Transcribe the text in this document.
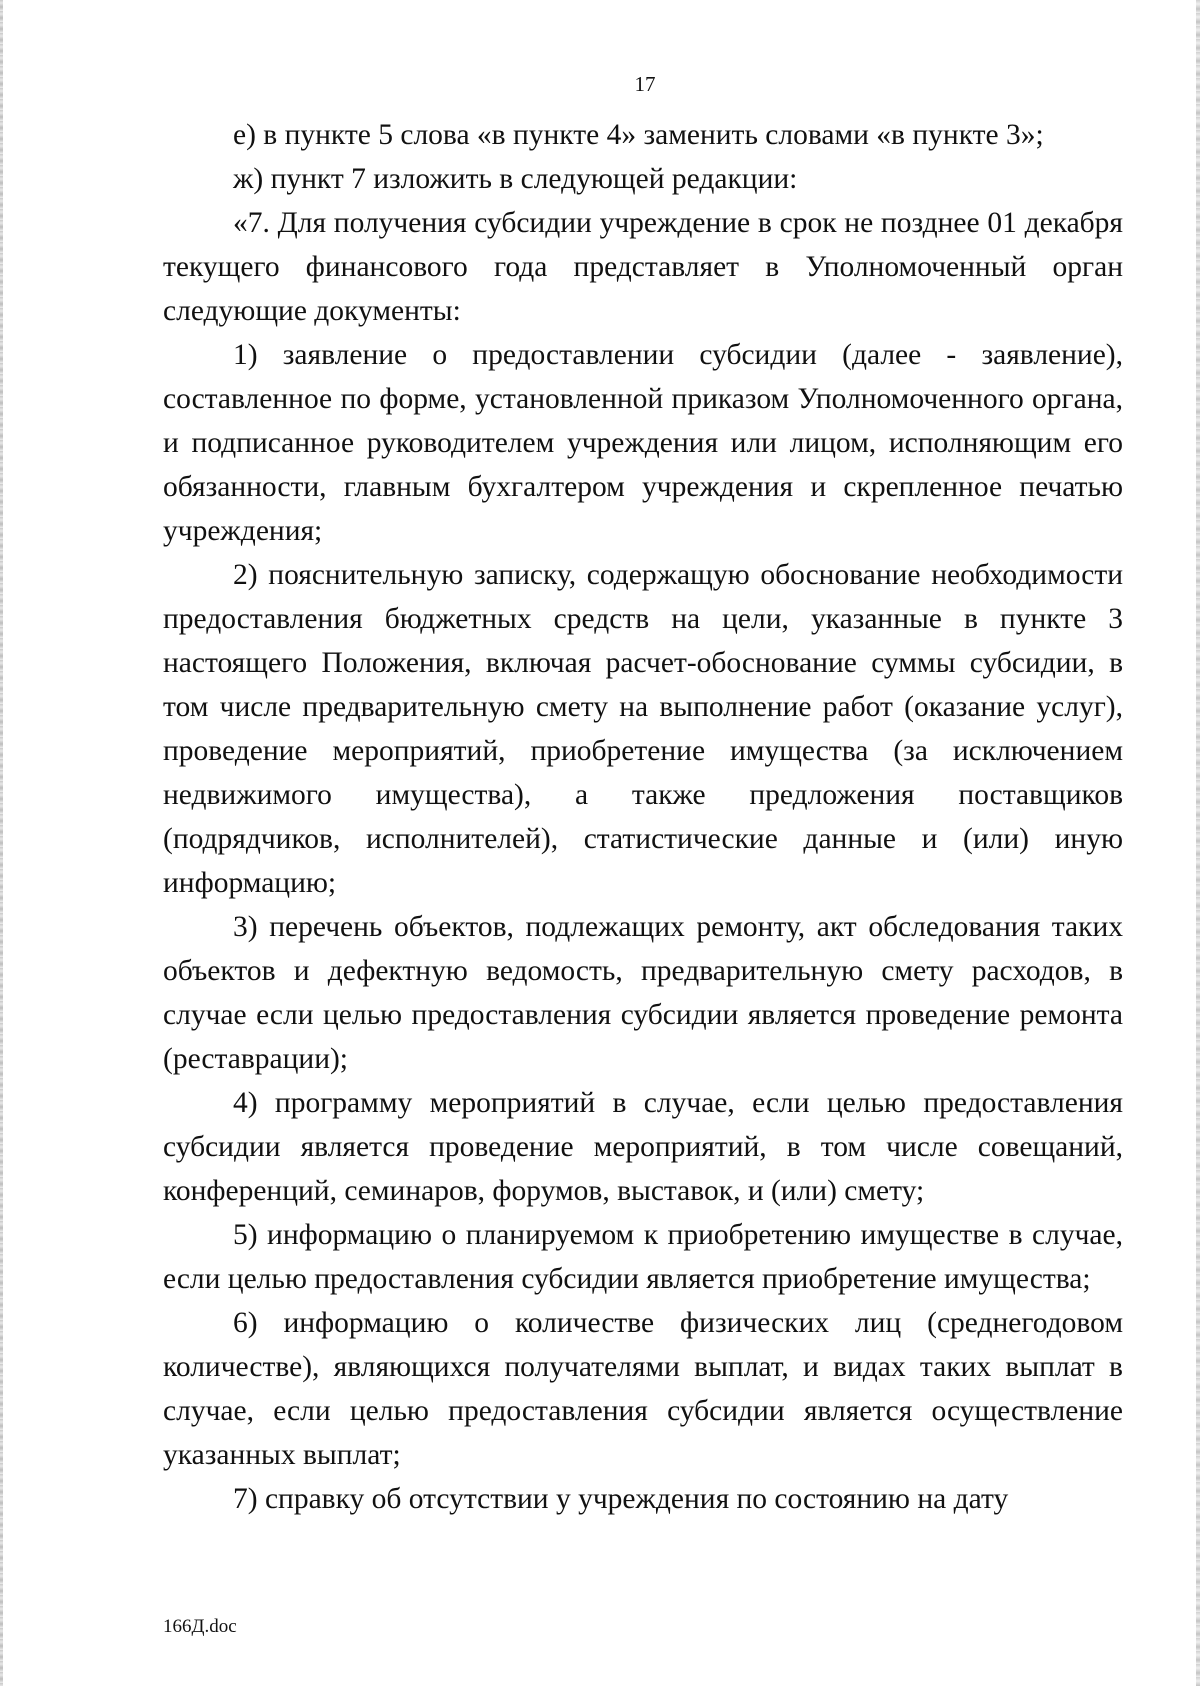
17

е) в пункте 5 слова «в пункте 4» заменить словами «в пункте 3»;

ж) пункт 7 изложить в следующей редакции:

«7. Для получения субсидии учреждение в срок не позднее 01 декабря текущего финансового года представляет в Уполномоченный орган следующие документы:

1) заявление о предоставлении субсидии (далее - заявление), составленное по форме, установленной приказом Уполномоченного органа, и подписанное руководителем учреждения или лицом, исполняющим его обязанности, главным бухгалтером учреждения и скрепленное печатью учреждения;

2) пояснительную записку, содержащую обоснование необходимости предоставления бюджетных средств на цели, указанные в пункте 3 настоящего Положения, включая расчет-обоснование суммы субсидии, в том числе предварительную смету на выполнение работ (оказание услуг), проведение мероприятий, приобретение имущества (за исключением недвижимого имущества), а также предложения поставщиков (подрядчиков, исполнителей), статистические данные и (или) иную информацию;

3) перечень объектов, подлежащих ремонту, акт обследования таких объектов и дефектную ведомость, предварительную смету расходов, в случае если целью предоставления субсидии является проведение ремонта (реставрации);

4) программу мероприятий в случае, если целью предоставления субсидии является проведение мероприятий, в том числе совещаний, конференций, семинаров, форумов, выставок, и (или) смету;

5) информацию о планируемом к приобретению имуществе в случае, если целью предоставления субсидии является приобретение имущества;

6) информацию о количестве физических лиц (среднегодовом количестве), являющихся получателями выплат, и видах таких выплат в случае, если целью предоставления субсидии является осуществление указанных выплат;

7) справку об отсутствии у учреждения по состоянию на дату

166Д.doc
